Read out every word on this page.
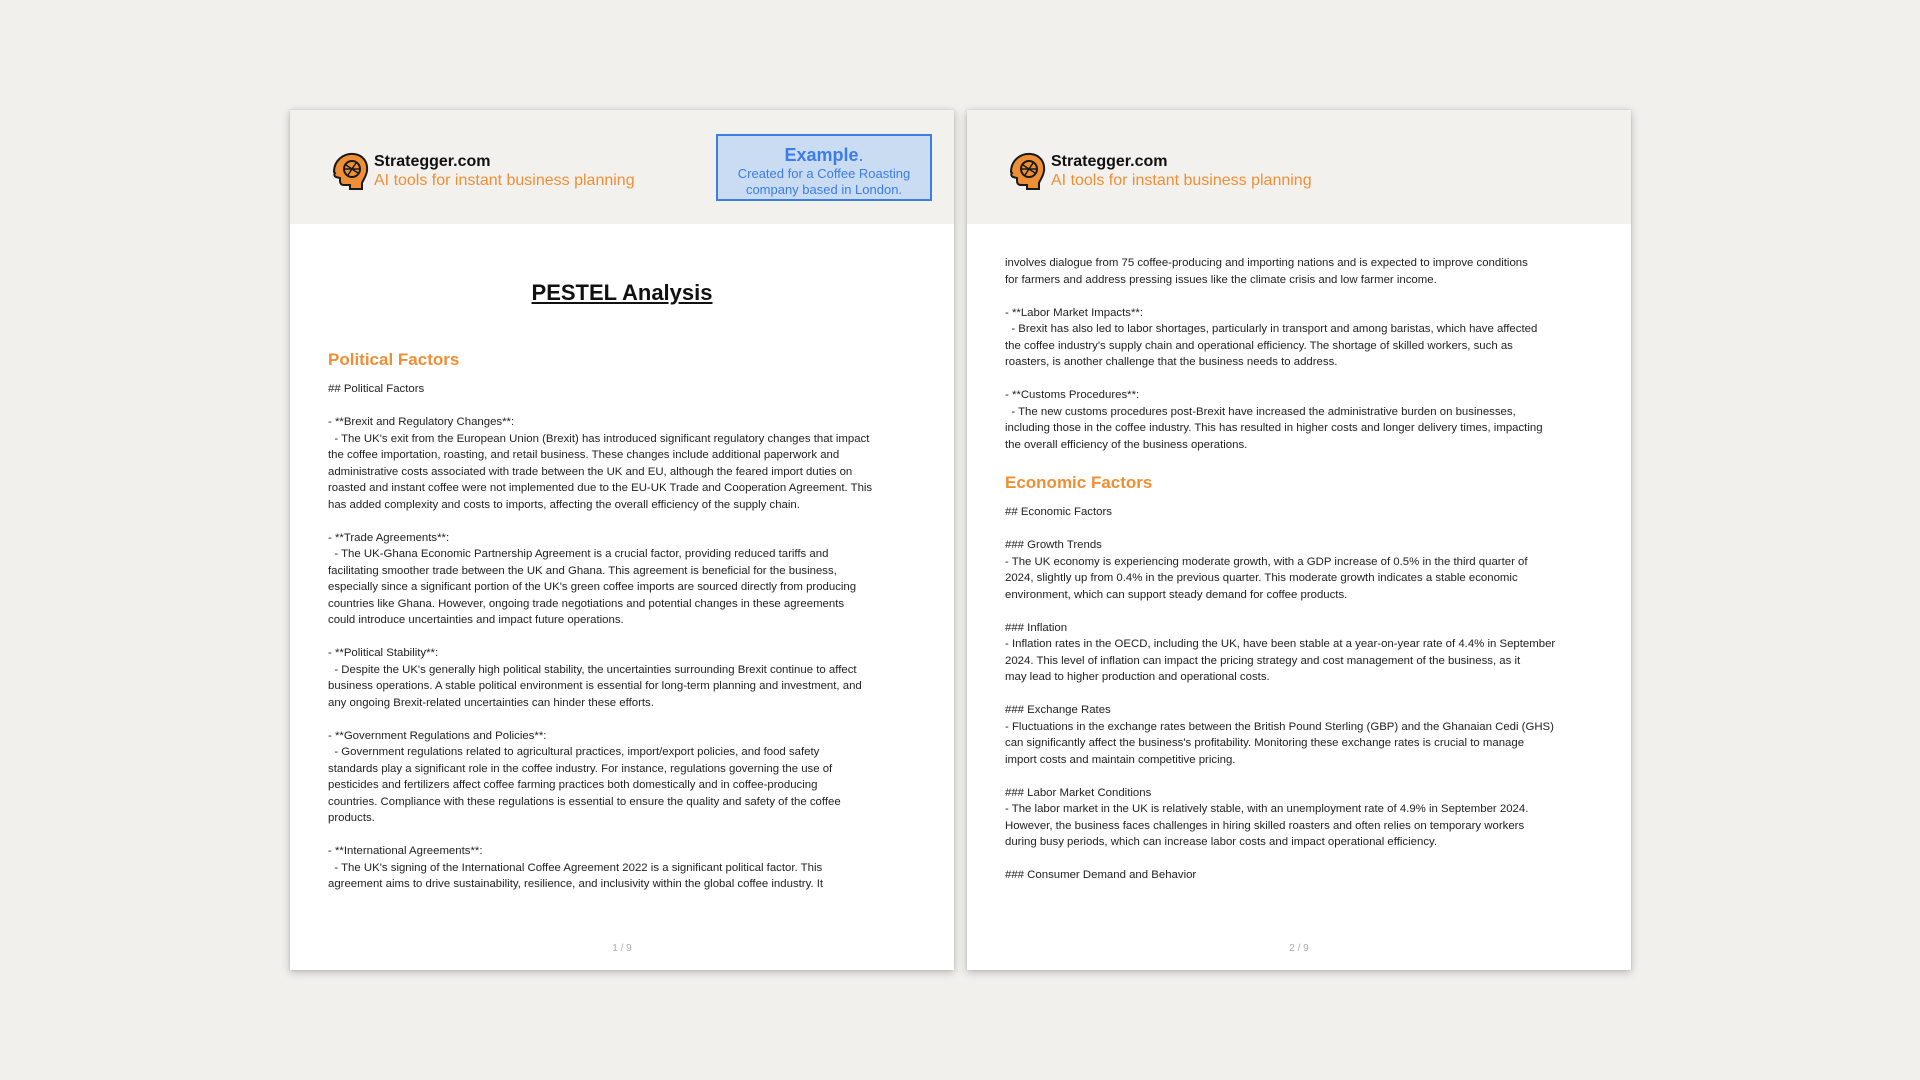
Strategger.com
AI tools for instant business planning
Example.
Created for a Coffee Roasting
company based in London.
PESTEL Analysis
Political Factors
## Political Factors

- **Brexit and Regulatory Changes**:
- The UK's exit from the European Union (Brexit) has introduced significant regulatory changes that impact
the coffee importation, roasting, and retail business. These changes include additional paperwork and
administrative costs associated with trade between the UK and EU, although the feared import duties on
roasted and instant coffee were not implemented due to the EU-UK Trade and Cooperation Agreement. This
has added complexity and costs to imports, affecting the overall efficiency of the supply chain.

- **Trade Agreements**:
- The UK-Ghana Economic Partnership Agreement is a crucial factor, providing reduced tariffs and
facilitating smoother trade between the UK and Ghana. This agreement is beneficial for the business,
especially since a significant portion of the UK's green coffee imports are sourced directly from producing
countries like Ghana. However, ongoing trade negotiations and potential changes in these agreements
could introduce uncertainties and impact future operations.

- **Political Stability**:
- Despite the UK's generally high political stability, the uncertainties surrounding Brexit continue to affect
business operations. A stable political environment is essential for long-term planning and investment, and
any ongoing Brexit-related uncertainties can hinder these efforts.

- **Government Regulations and Policies**:
- Government regulations related to agricultural practices, import/export policies, and food safety
standards play a significant role in the coffee industry. For instance, regulations governing the use of
pesticides and fertilizers affect coffee farming practices both domestically and in coffee-producing
countries. Compliance with these regulations is essential to ensure the quality and safety of the coffee
products.

- **International Agreements**:
- The UK's signing of the International Coffee Agreement 2022 is a significant political factor. This
agreement aims to drive sustainability, resilience, and inclusivity within the global coffee industry. It
1 / 9
Strategger.com
AI tools for instant business planning
involves dialogue from 75 coffee-producing and importing nations and is expected to improve conditions
for farmers and address pressing issues like the climate crisis and low farmer income.

- **Labor Market Impacts**:
- Brexit has also led to labor shortages, particularly in transport and among baristas, which have affected
the coffee industry's supply chain and operational efficiency. The shortage of skilled workers, such as
roasters, is another challenge that the business needs to address.

- **Customs Procedures**:
- The new customs procedures post-Brexit have increased the administrative burden on businesses,
including those in the coffee industry. This has resulted in higher costs and longer delivery times, impacting
the overall efficiency of the business operations.
Economic Factors
## Economic Factors

### Growth Trends
- The UK economy is experiencing moderate growth, with a GDP increase of 0.5% in the third quarter of
2024, slightly up from 0.4% in the previous quarter. This moderate growth indicates a stable economic
environment, which can support steady demand for coffee products.

### Inflation
- Inflation rates in the OECD, including the UK, have been stable at a year-on-year rate of 4.4% in September
2024. This level of inflation can impact the pricing strategy and cost management of the business, as it
may lead to higher production and operational costs.

### Exchange Rates
- Fluctuations in the exchange rates between the British Pound Sterling (GBP) and the Ghanaian Cedi (GHS)
can significantly affect the business's profitability. Monitoring these exchange rates is crucial to manage
import costs and maintain competitive pricing.

### Labor Market Conditions
- The labor market in the UK is relatively stable, with an unemployment rate of 4.9% in September 2024.
However, the business faces challenges in hiring skilled roasters and often relies on temporary workers
during busy periods, which can increase labor costs and impact operational efficiency.

### Consumer Demand and Behavior
2 / 9
